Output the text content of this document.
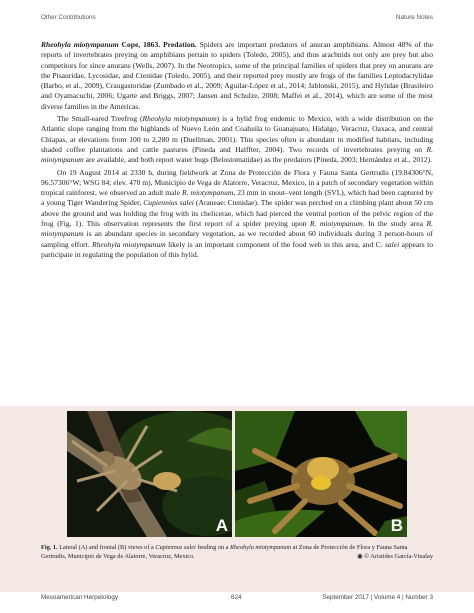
Other Contributions	Nature Notes

Rheohyla miotympanum Cope, 1863. Predation. Spiders are important predators of anuran amphibians. Almost 48% of the reports of invertebrates preying on amphibians pertain to spiders (Toledo, 2005), and thus arachnids not only are prey but also competitors for since anurans (Wells, 2007). In the Neotropics, some of the principal families of spiders that prey on anurans are the Pisauridae, Lycosidae, and Ctenidae (Toledo, 2005), and their reported prey mostly are frogs of the families Leptodactylidae (Barbo, et al., 2009), Craugastoridae (Zumbado et al., 2009; Aguilar-López et al., 2014; Jablonski, 2015), and Hylidae (Brasileiro and Oyamacuchi, 2006; Ugarte and Briggs, 2007; Jansen and Schulze, 2008; Maffei et al., 2014), which are some of the most diverse families in the Americas.

The Small-eared Treefrog (Rheohyla miotympanum) is a hylid frog endemic to Mexico, with a wide distribution on the Atlantic slope ranging from the highlands of Nuevo León and Coahuila to Guanajuato, Hidalgo, Veracruz, Oaxaca, and central Chiapas, at elevations from 100 to 2,280 m (Duellman, 2001). This species often is abundant in modified habitats, including shaded coffee plantations and cattle pastures (Pineda and Halffter, 2004). Two records of invertebrates preying on R. miotympanum are available, and both report water bugs (Belostomatidae) as the predators (Pineda, 2003; Hernández et al., 2012).

On 19 August 2014 at 2330 h, during fieldwork at Zona de Protección de Flora y Fauna Santa Gertrudis (19.84306°N, 96.57306°W; WSG 84; elev. 470 m), Municipio de Vega de Alatorre, Veracruz, Mexico, in a patch of secondary vegetation within tropical rainforest, we observed an adult male R. miotympanum, 23 mm in snout–vent length (SVL), which had been captured by a young Tiger Wandering Spider, Cupiennius salei (Araneae: Ctenidae). The spider was perched on a climbing plant about 50 cm above the ground and was holding the frog with its chelicerae, which had pierced the ventral portion of the pelvic region of the frog (Fig. 1). This observation represents the first report of a spider preying upon R. miotympanum. In the study area R. miotympanum is an abundant species in secondary vegetation, as we recorded about 60 individuals during 3 person-hours of sampling effort. Rheohyla miotympanum likely is an important component of the food web in this area, and C. salei appears to participate in regulating the population of this hylid.

A	B
Fig. 1. Lateral (A) and frontal (B) views of a Cupiennus salei feeding on a Rheohyla miotympanum at Zona de Protección de Flora y Fauna Santa Gertrudis, Municipio de Vega de Alatorre, Veracruz, Mexico.	◉ © Arístides García-Vinalay
Mesoamerican Herpetology	624	September 2017 | Volume 4 | Number 3
